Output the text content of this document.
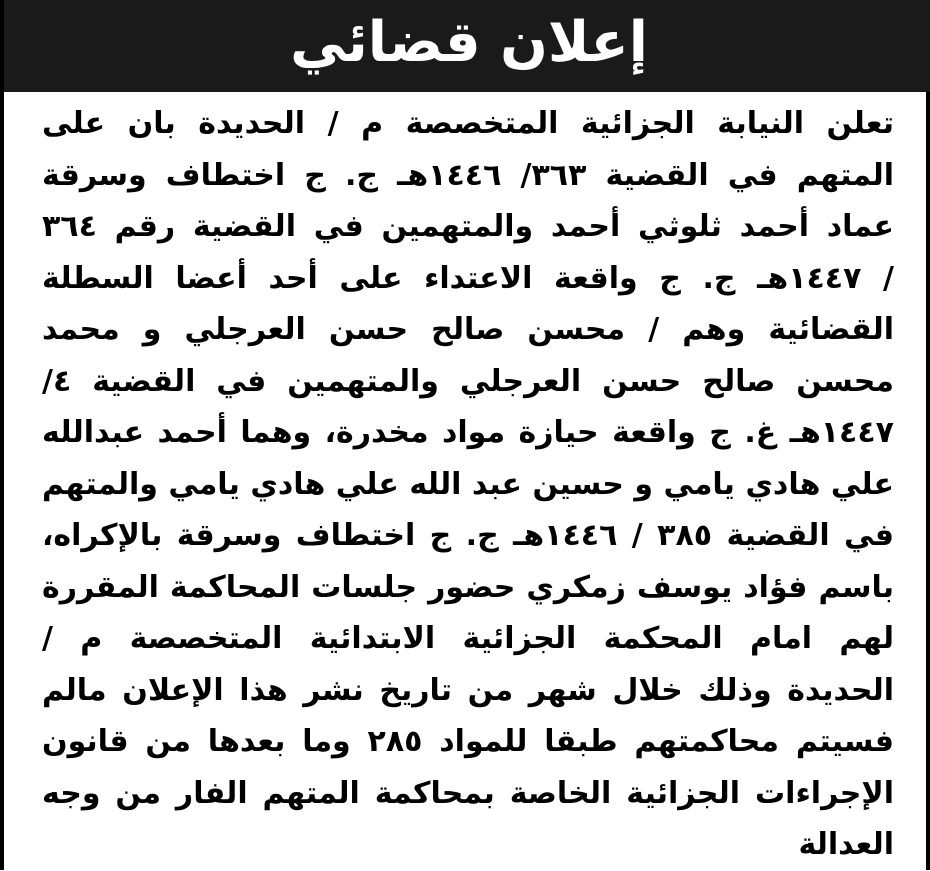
إعلان قضائي
تعلن النيابة الجزائية المتخصصة م / الحديدة بان على
المتهم في القضية ٣٦٣/ ١٤٤٦هـ ج. ج اختطاف وسرقة
عماد أحمد ثلوثي أحمد والمتهمين في القضية رقم ٣٦٤
/ ١٤٤٧هـ ج. ج واقعة الاعتداء على أحد أعضا السطلة
القضائية وهم / محسن صالح حسن العرجلي و محمد
محسن صالح حسن العرجلي والمتهمين في القضية ٤/
١٤٤٧هـ غ. ج واقعة حيازة مواد مخدرة، وهما أحمد عبدالله
علي هادي يامي و حسين عبد الله علي هادي يامي والمتهم
في القضية ٣٨٥ / ١٤٤٦هـ ج. ج اختطاف وسرقة بالإكراه،
باسم فؤاد يوسف زمكري حضور جلسات المحاكمة المقررة
لهم امام المحكمة الجزائية الابتدائية المتخصصة م /
الحديدة وذلك خلال شهر من تاريخ نشر هذا الإعلان مالم
فسيتم محاكمتهم طبقا للمواد ٢٨٥ وما بعدها من قانون
الإجراءات الجزائية الخاصة بمحاكمة المتهم الفار من وجه
العدالة
